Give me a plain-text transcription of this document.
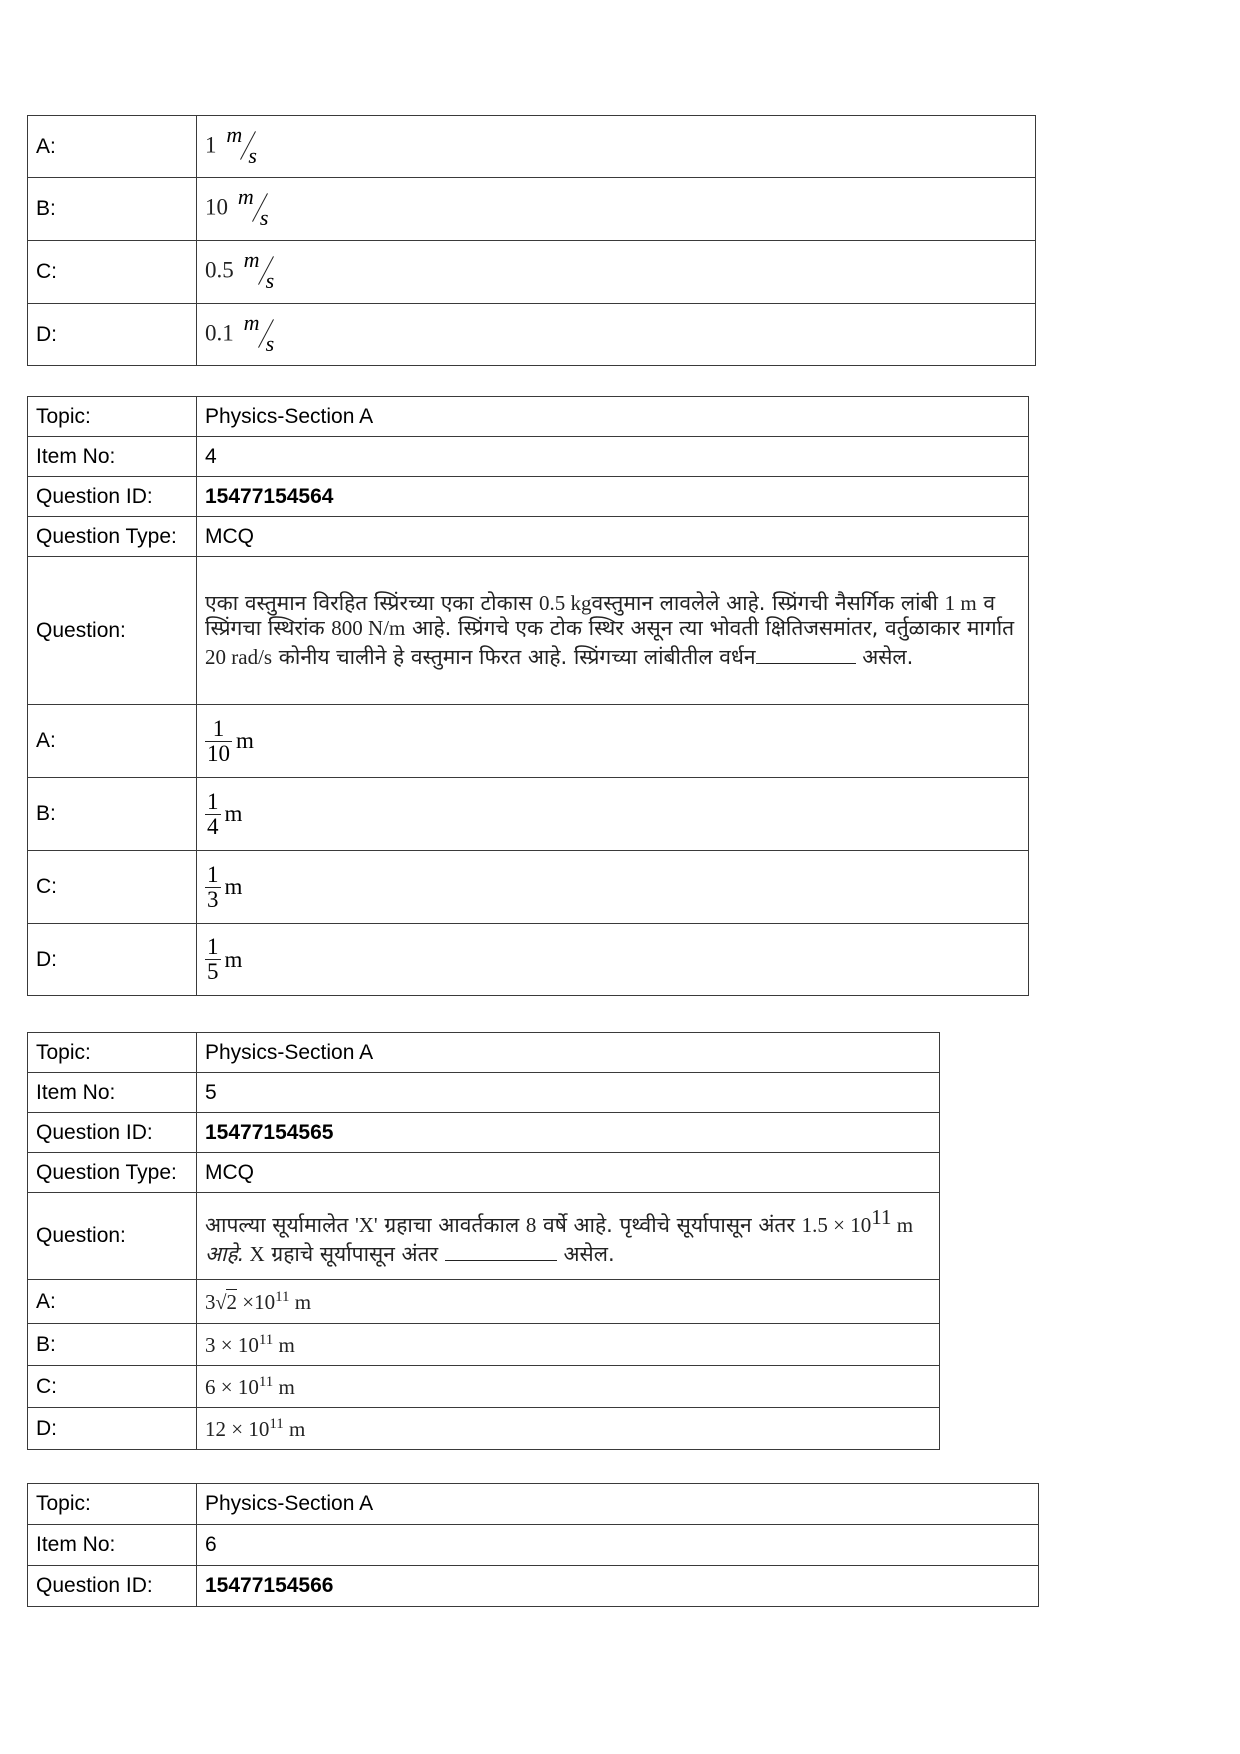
A:	1 m
s

B:	10 m
s

C:	0.5 m
s

D:	0.1 m
s
Topic:	Physics-Section A
Item No:	4
Question ID:	15477154564
Question Type:	MCQ
Question:	एका वस्तुमान विरहित स्प्रिंरच्या एका टोकास 0.5 kgवस्तुमान लावलेले आहे. स्प्रिंगची नैसर्गिक लांबी 1 m व स्प्रिंगचा स्थिरांक 800 N/m आहे. स्प्रिंगचे एक टोक स्थिर असून त्या भोवती क्षितिजसमांतर, वर्तुळाकार मार्गात 20 rad/s कोनीय चालीने हे वस्तुमान फिरत आहे. स्प्रिंगच्या लांबीतील वर्धन असेल.
A:	$\frac{1}{10}$ m
B:	$\frac{1}{4}$ m
C:	$\frac{1}{3}$ m
D:	$\frac{1}{5}$ m
Topic:	Physics-Section A
Item No:	5
Question ID:	15477154565
Question Type:	MCQ
Question:	आपल्या सूर्यामालेत 'X' ग्रहाचा आवर्तकाल 8 वर्षे आहे. पृथ्वीचे सूर्यापासून अंतर $1.5 \times 10^{11}$ m आहे. X ग्रहाचे सूर्यापासून अंतर असेल.
A:	$3√2 \times 10^{11}$ m
B:	$3 \times 10^{11}$ m
C:	$6 \times 10^{11}$ m
D:	$12 \times 10^{11}$ m
Topic:	Physics-Section A
Item No:	6
Question ID:	15477154566
